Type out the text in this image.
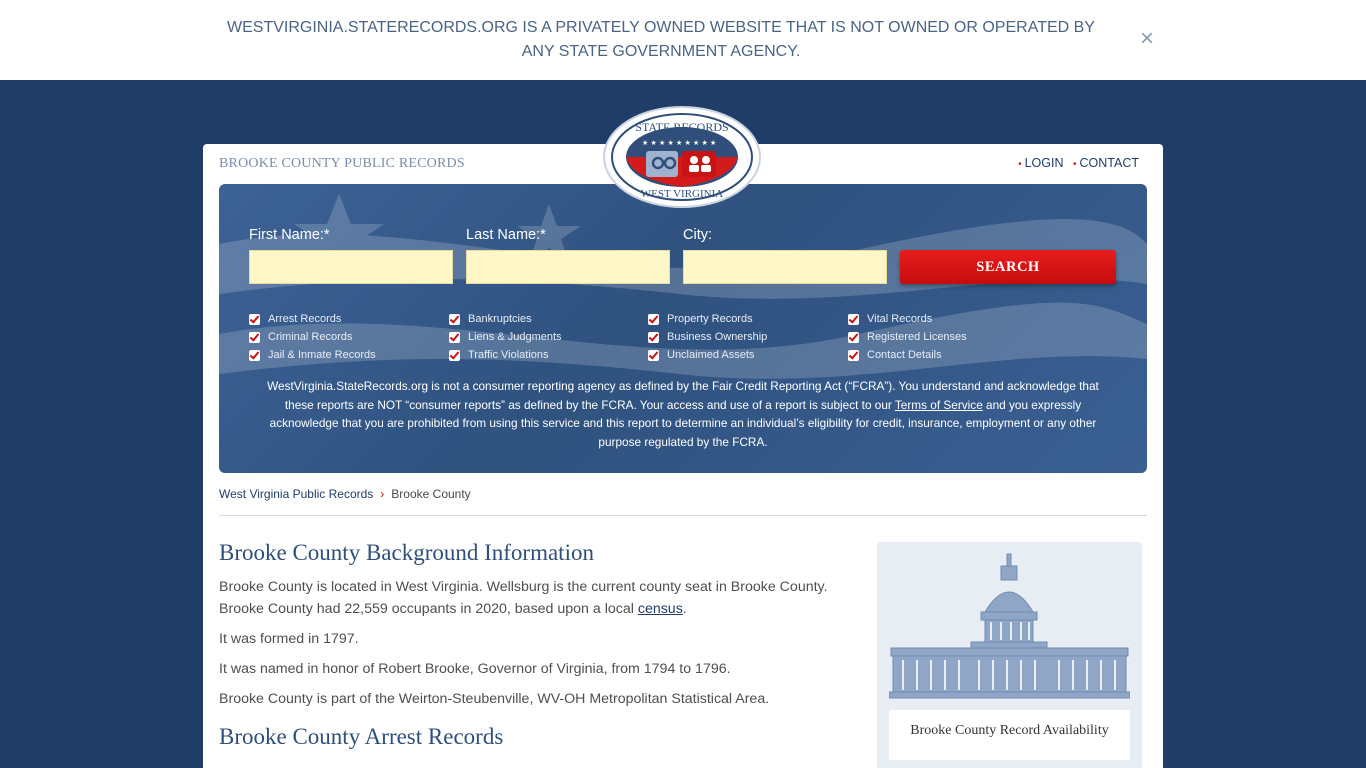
WESTVIRGINIA.STATERECORDS.ORG IS A PRIVATELY OWNED WEBSITE THAT IS NOT OWNED OR OPERATED BY ANY STATE GOVERNMENT AGENCY.	×
BROOKE COUNTY PUBLIC RECORDS	• LOGIN • CONTACT
First Name:*	Last Name:*	City:
SEARCH
Arrest Records
Criminal Records
Jail & Inmate Records
Bankruptcies
Liens & Judgments
Traffic Violations
Property Records
Business Ownership
Unclaimed Assets
Vital Records
Registered Licenses
Contact Details
WestVirginia.StateRecords.org is not a consumer reporting agency as defined by the Fair Credit Reporting Act (“FCRA”). You understand and acknowledge that these reports are NOT “consumer reports” as defined by the FCRA. Your access and use of a report is subject to our Terms of Service and you expressly acknowledge that you are prohibited from using this service and this report to determine an individual’s eligibility for credit, insurance, employment or any other purpose regulated by the FCRA.
West Virginia Public Records › Brooke County
Brooke County Background Information

Brooke County is located in West Virginia. Wellsburg is the current county seat in Brooke County. Brooke County had 22,559 occupants in 2020, based upon a local census.

It was formed in 1797.

It was named in honor of Robert Brooke, Governor of Virginia, from 1794 to 1796.

Brooke County is part of the Weirton-Steubenville, WV-OH Metropolitan Statistical Area.

Brooke County Arrest Records	Brooke County Record Availability
STATE RECORDS
WEST VIRGINIA
★ ★ ★ ★ ★ ★ ★ ★ ★
